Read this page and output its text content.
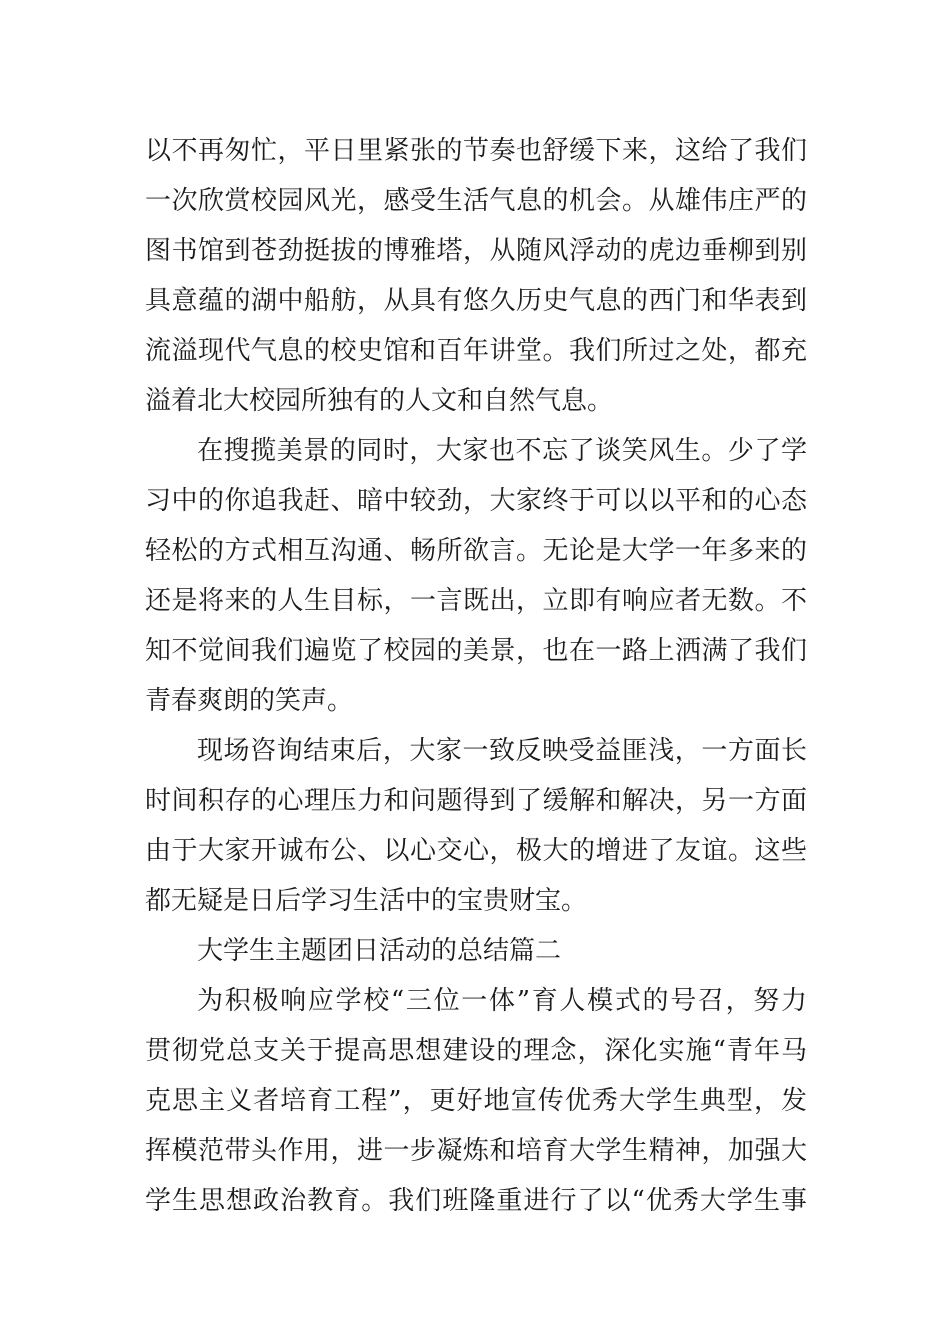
以不再匆忙，平日里紧张的节奏也舒缓下来，这给了我们
一次欣赏校园风光，感受生活气息的机会。从雄伟庄严的
图书馆到苍劲挺拔的博雅塔，从随风浮动的虎边垂柳到别
具意蕴的湖中船舫，从具有悠久历史气息的西门和华表到
流溢现代气息的校史馆和百年讲堂。我们所过之处，都充
溢着北大校园所独有的人文和自然气息。
在搜揽美景的同时，大家也不忘了谈笑风生。少了学
习中的你追我赶、暗中较劲，大家终于可以以平和的心态
轻松的方式相互沟通、畅所欲言。无论是大学一年多来的
还是将来的人生目标，一言既出，立即有响应者无数。不
知不觉间我们遍览了校园的美景，也在一路上洒满了我们
青春爽朗的笑声。
现场咨询结束后，大家一致反映受益匪浅，一方面长
时间积存的心理压力和问题得到了缓解和解决，另一方面
由于大家开诚布公、以心交心，极大的增进了友谊。这些
都无疑是日后学习生活中的宝贵财宝。
大学生主题团日活动的总结篇二
为积极响应学校“三位一体”育人模式的号召，努力
贯彻党总支关于提高思想建设的理念，深化实施“青年马
克思主义者培育工程”，更好地宣传优秀大学生典型，发
挥模范带头作用，进一步凝炼和培育大学生精神，加强大
学生思想政治教育。我们班隆重进行了以“优秀大学生事
